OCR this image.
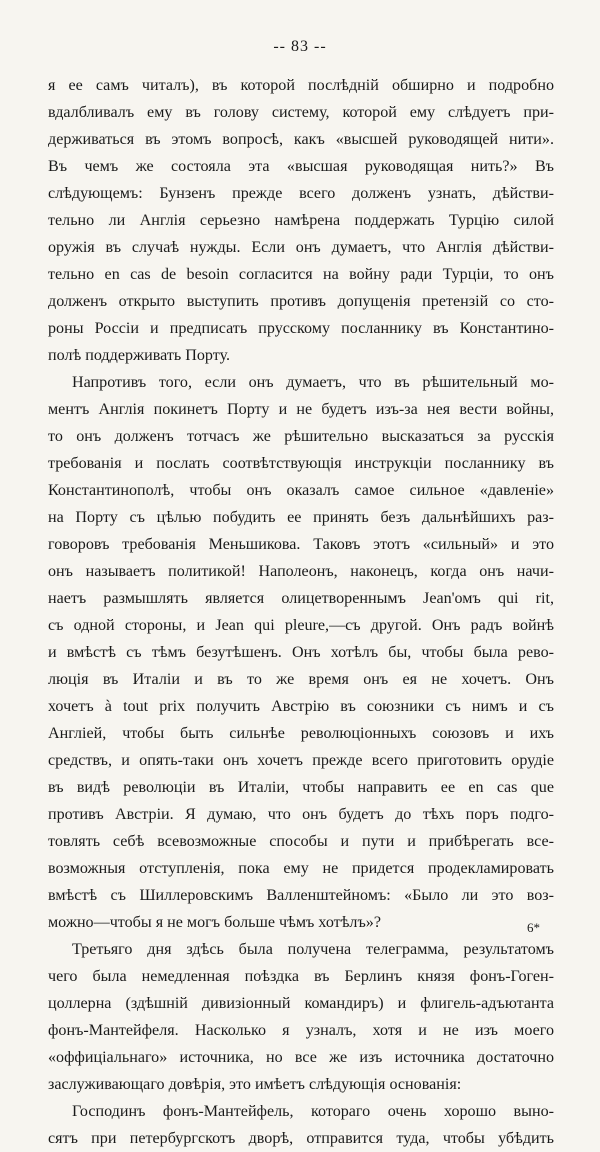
-- 83 --
я ее самъ читалъ), въ которой послѣдній обширно и подробно
вдалбливалъ ему въ голову систему, которой ему слѣдуетъ при-
держиваться въ этомъ вопросѣ, какъ «высшей руководящей нити».
Въ чемъ же состояла эта «высшая руководящая нить?» Въ
слѣдующемъ: Бунзенъ прежде всего долженъ узнать, дѣйстви-
тельно ли Англія серьезно намѣрена поддержать Турцію силой
оружія въ случаѣ нужды. Если онъ думаетъ, что Англія дѣйстви-
тельно en cas de besoin согласится на войну ради Турціи, то онъ
долженъ открыто выступить противъ допущенія претензій со сто-
роны Россіи и предписать прусскому посланнику въ Константино-
полѣ поддерживать Порту.
Напротивъ того, если онъ думаетъ, что въ рѣшительный мо-
ментъ Англія покинетъ Порту и не будетъ изъ-за нея вести войны,
то онъ долженъ тотчасъ же рѣшительно высказаться за русскія
требованія и послать соотвѣтствующія инструкціи посланнику въ
Константинополѣ, чтобы онъ оказалъ самое сильное «давленіе»
на Порту съ цѣлью побудить ее принять безъ дальнѣйшихъ раз-
говоровъ требованія Меньшикова. Таковъ этотъ «сильный» и это
онъ называетъ политикой! Наполеонъ, наконецъ, когда онъ начи-
наетъ размышлять является олицетвореннымъ Jean'омъ qui rit,
съ одной стороны, и Jean qui pleure,—съ другой. Онъ радъ войнѣ
и вмѣстѣ съ тѣмъ безутѣшенъ. Онъ хотѣлъ бы, чтобы была рево-
люція въ Италіи и въ то же время онъ ея не хочетъ. Онъ
хочетъ à tout prix получить Австрію въ союзники съ нимъ и съ
Англіей, чтобы быть сильнѣе революціонныхъ союзовъ и ихъ
средствъ, и опять-таки онъ хочетъ прежде всего приготовить орудіе
въ видѣ революціи въ Италіи, чтобы направить ее en cas que
противъ Австріи. Я думаю, что онъ будетъ до тѣхъ поръ подго-
товлять себѣ всевозможные способы и пути и прибѣрегать все-
возможныя отступленія, пока ему не придется продекламировать
вмѣстѣ съ Шиллеровскимъ Валленштейномъ: «Было ли это воз-
можно—чтобы я не могъ больше чѣмъ хотѣлъ»?
Третьяго дня здѣсь была получена телеграмма, результатомъ
чего была немедленная поѣздка въ Берлинъ князя фонъ-Гоген-
цоллерна (здѣшній дивизіонный командиръ) и флигель-адъютанта
фонъ-Мантейфеля. Насколько я узналъ, хотя и не изъ моего
«оффиціальнаго» источника, но все же изъ источника достаточно
заслуживающаго довѣрія, это имѣетъ слѣдующія основанія:
Господинъ фонъ-Мантейфель, котораго очень хорошо выно-
сятъ при петербургскотъ дворѣ, отправится туда, чтобы убѣдить
6*
